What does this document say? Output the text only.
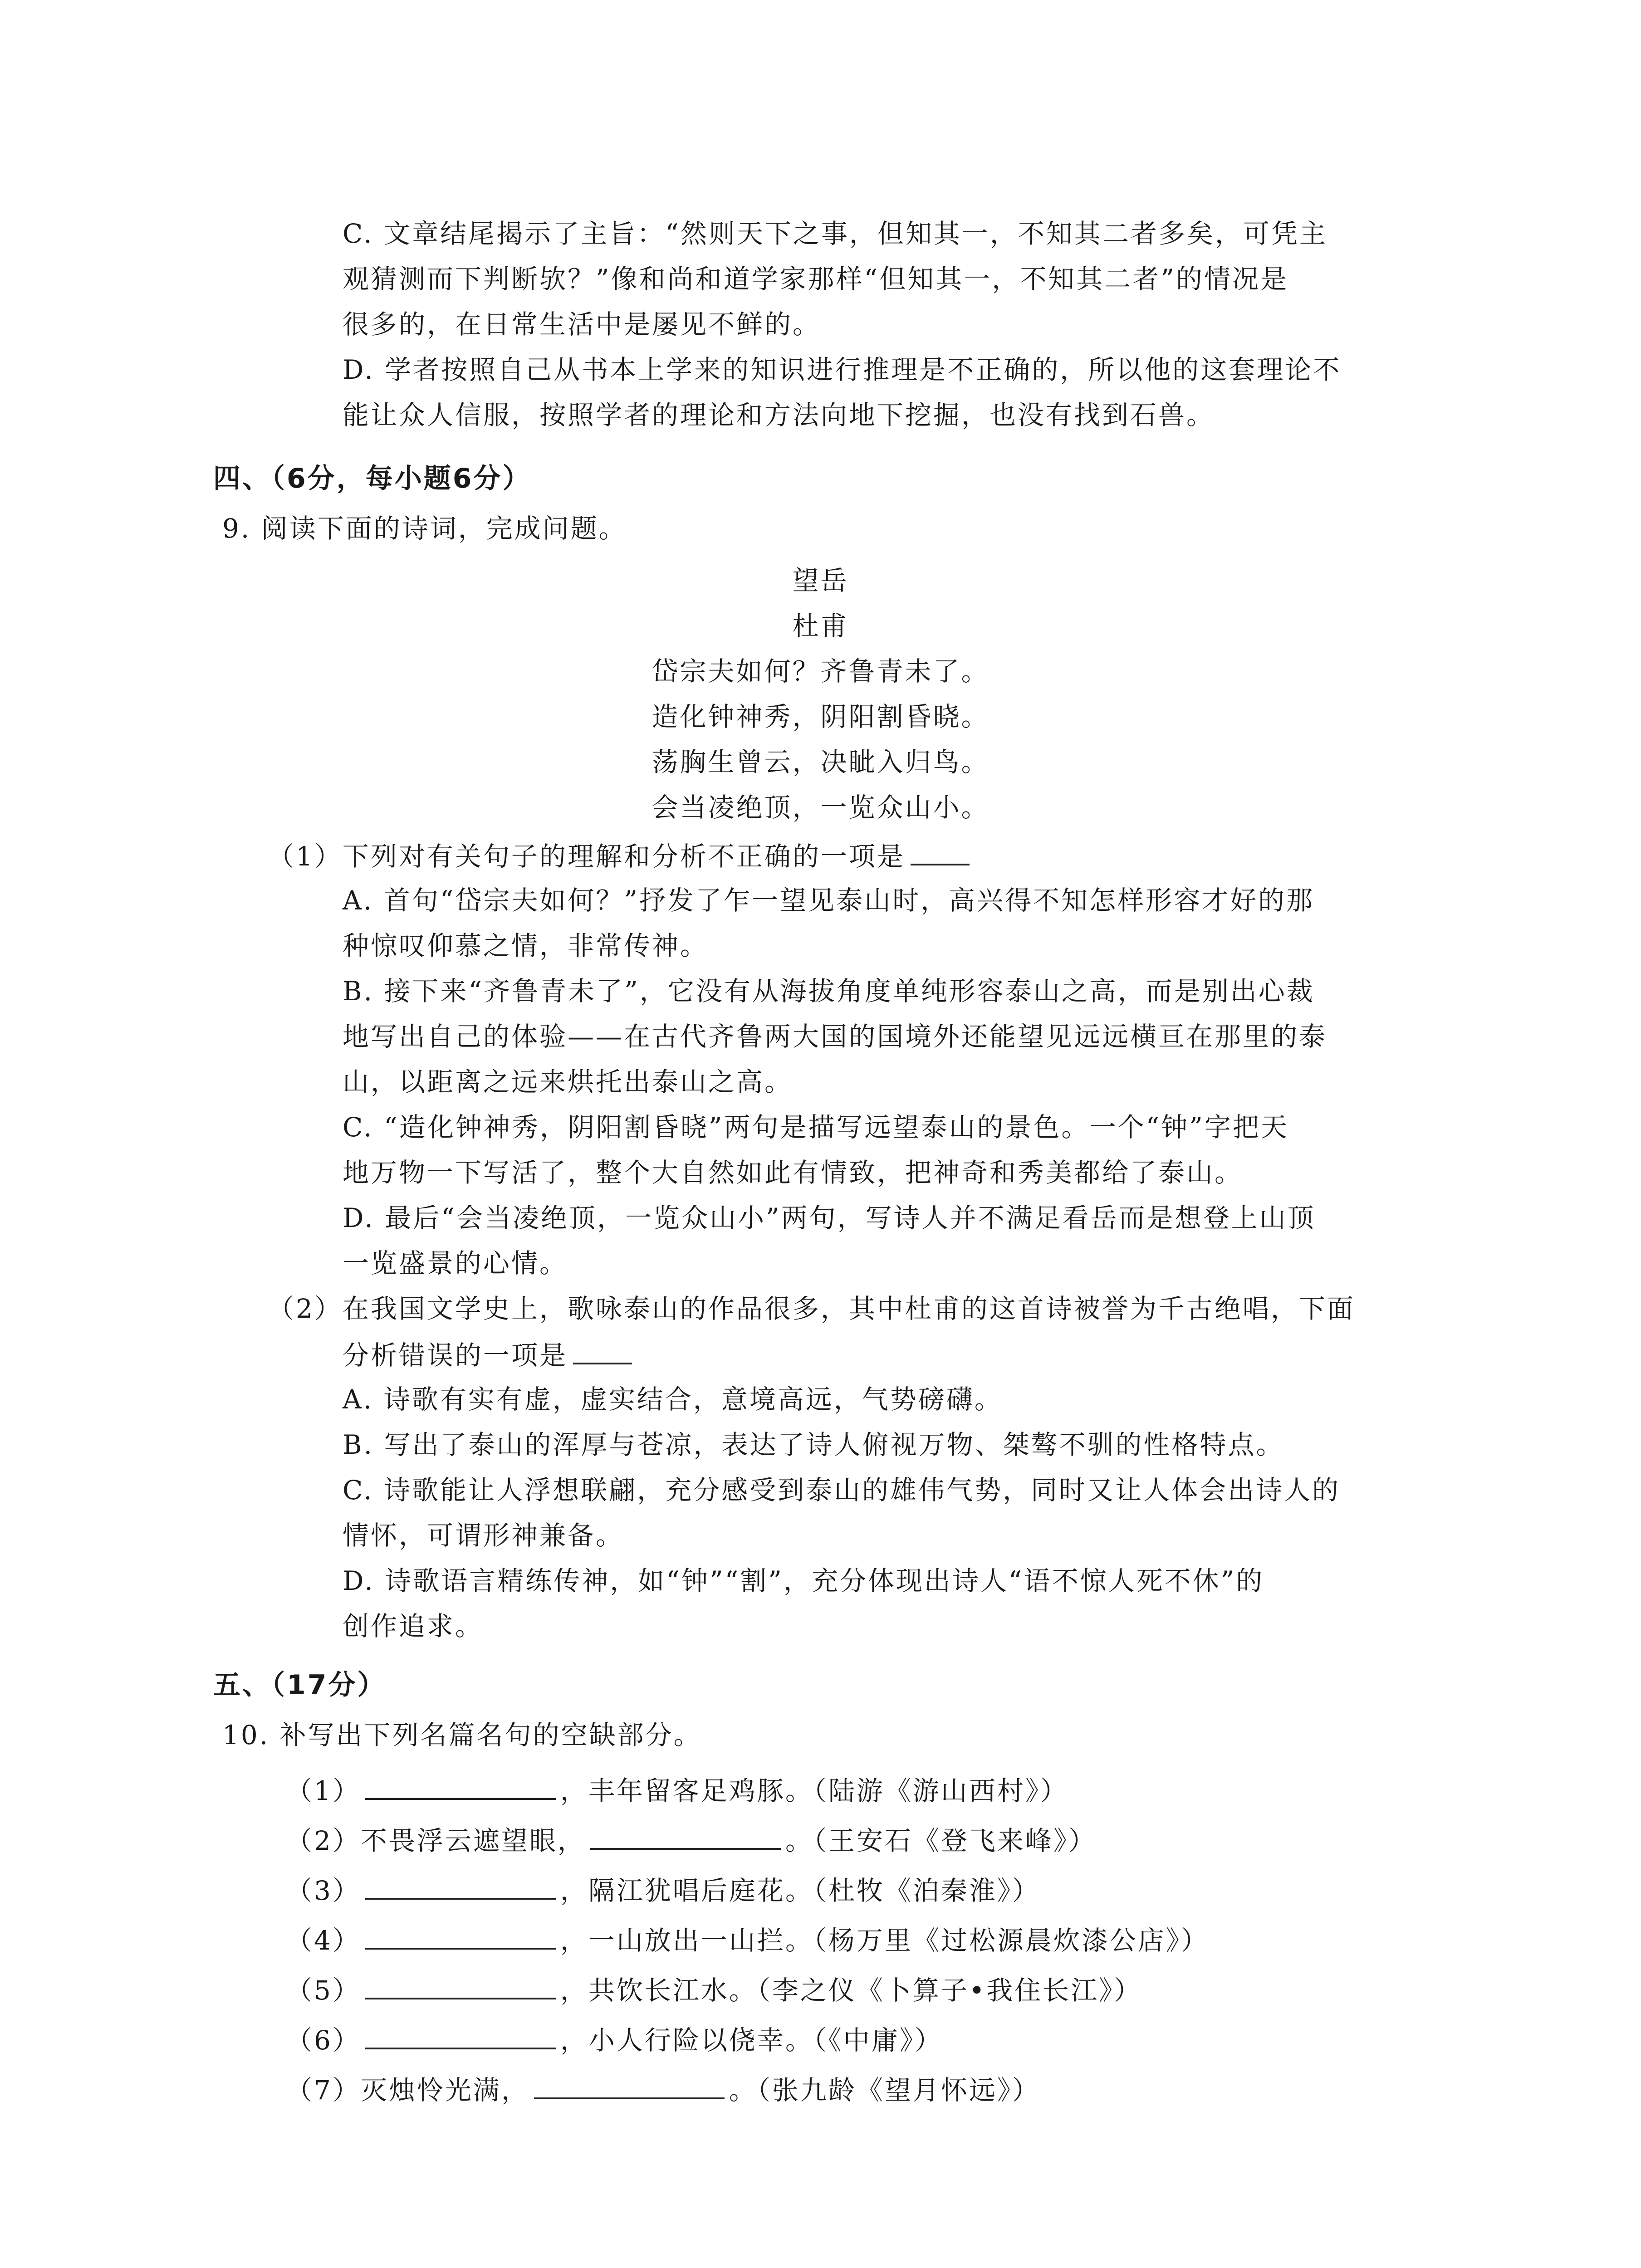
C. 文章结尾揭示了主旨：“然则天下之事，但知其一，不知其二者多矣，可凭主
观猜测而下判断欤？”像和尚和道学家那样“但知其一，不知其二者”的情况是
很多的，在日常生活中是屡见不鲜的。
D. 学者按照自己从书本上学来的知识进行推理是不正确的，所以他的这套理论不
能让众人信服，按照学者的理论和方法向地下挖掘，也没有找到石兽。
四、（6分，每小题6分）
9. 阅读下面的诗词，完成问题。
望岳
杜甫
岱宗夫如何？齐鲁青未了。
造化钟神秀，阴阳割昏晓。
荡胸生曾云，决眦入归鸟。
会当凌绝顶，一览众山小。
（1）下列对有关句子的理解和分析不正确的一项是
A. 首句“岱宗夫如何？”抒发了乍一望见泰山时，高兴得不知怎样形容才好的那
种惊叹仰慕之情，非常传神。
B. 接下来“齐鲁青未了”，它没有从海拔角度单纯形容泰山之高，而是别出心裁
地写出自己的体验——在古代齐鲁两大国的国境外还能望见远远横亘在那里的泰
山，以距离之远来烘托出泰山之高。
C. “造化钟神秀，阴阳割昏晓”两句是描写远望泰山的景色。一个“钟”字把天
地万物一下写活了，整个大自然如此有情致，把神奇和秀美都给了泰山。
D. 最后“会当凌绝顶，一览众山小”两句，写诗人并不满足看岳而是想登上山顶
一览盛景的心情。
（2）在我国文学史上，歌咏泰山的作品很多，其中杜甫的这首诗被誉为千古绝唱，下面
分析错误的一项是
A. 诗歌有实有虚，虚实结合，意境高远，气势磅礴。
B. 写出了泰山的浑厚与苍凉，表达了诗人俯视万物、桀骜不驯的性格特点。
C. 诗歌能让人浮想联翩，充分感受到泰山的雄伟气势，同时又让人体会出诗人的
情怀，可谓形神兼备。
D. 诗歌语言精练传神，如“钟”“割”，充分体现出诗人“语不惊人死不休”的
创作追求。
五、（17分）
10. 补写出下列名篇名句的空缺部分。
（1）	，丰年留客足鸡豚。（陆游《游山西村》）
（2）不畏浮云遮望眼，	。（王安石《登飞来峰》）
（3）	，隔江犹唱后庭花。（杜牧《泊秦淮》）
（4）	，一山放出一山拦。（杨万里《过松源晨炊漆公店》）
（5）	，共饮长江水。（李之仪《卜算子•我住长江》）
（6）	，小人行险以侥幸。（《中庸》）
（7）灭烛怜光满，	。（张九龄《望月怀远》）
